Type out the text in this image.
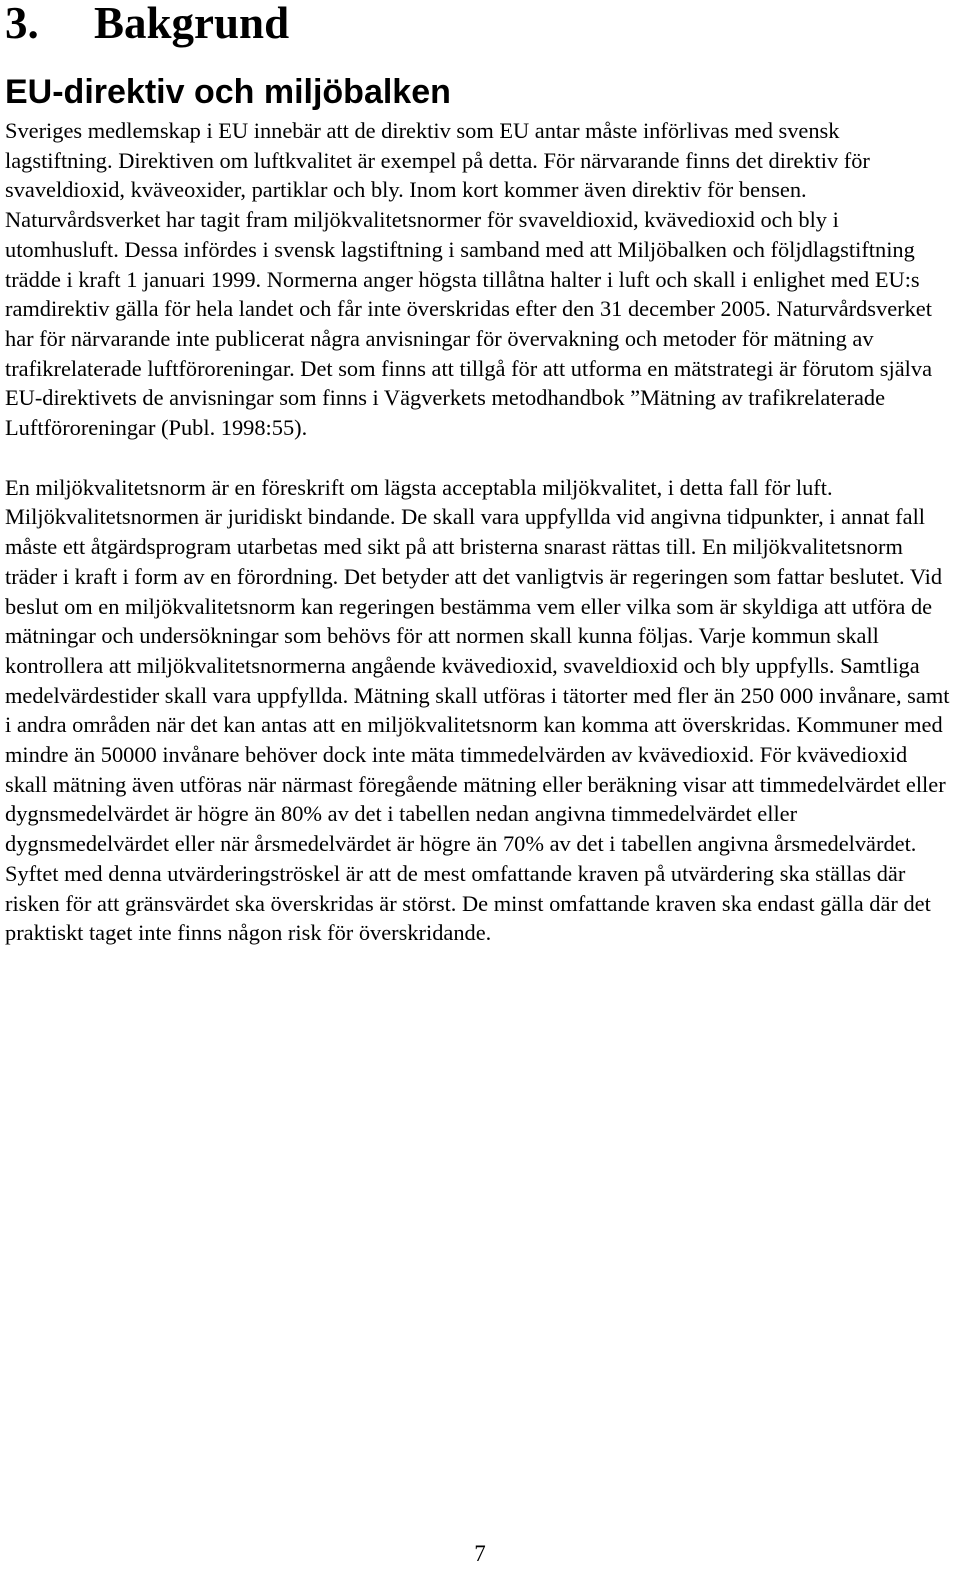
3. Bakgrund
EU-direktiv och miljöbalken

Sveriges medlemskap i EU innebär att de direktiv som EU antar måste införlivas med svensk lagstiftning. Direktiven om luftkvalitet är exempel på detta. För närvarande finns det direktiv för svaveldioxid, kväveoxider, partiklar och bly. Inom kort kommer även direktiv för bensen. Naturvårdsverket har tagit fram miljökvalitetsnormer för svaveldioxid, kvävedioxid och bly i utomhusluft. Dessa infördes i svensk lagstiftning i samband med att Miljöbalken och följdlagstiftning trädde i kraft 1 januari 1999. Normerna anger högsta tillåtna halter i luft och skall i enlighet med EU:s ramdirektiv gälla för hela landet och får inte överskridas efter den 31 december 2005. Naturvårdsverket har för närvarande inte publicerat några anvisningar för övervakning och metoder för mätning av trafikrelaterade luftföroreningar. Det som finns att tillgå för att utforma en mätstrategi är förutom själva EU-direktivets de anvisningar som finns i Vägverkets metodhandbok ”Mätning av trafikrelaterade Luftföroreningar (Publ. 1998:55).

En miljökvalitetsnorm är en föreskrift om lägsta acceptabla miljökvalitet, i detta fall för luft. Miljökvalitetsnormen är juridiskt bindande. De skall vara uppfyllda vid angivna tidpunkter, i annat fall måste ett åtgärdsprogram utarbetas med sikt på att bristerna snarast rättas till. En miljökvalitetsnorm träder i kraft i form av en förordning. Det betyder att det vanligtvis är regeringen som fattar beslutet. Vid beslut om en miljökvalitetsnorm kan regeringen bestämma vem eller vilka som är skyldiga att utföra de mätningar och undersökningar som behövs för att normen skall kunna följas. Varje kommun skall kontrollera att miljökvalitetsnormerna angående kvävedioxid, svaveldioxid och bly uppfylls. Samtliga medelvärdestider skall vara uppfyllda. Mätning skall utföras i tätorter med fler än 250 000 invånare, samt i andra områden när det kan antas att en miljökvalitetsnorm kan komma att överskridas. Kommuner med mindre än 50000 invånare behöver dock inte mäta timmedelvärden av kvävedioxid. För kvävedioxid skall mätning även utföras när närmast föregående mätning eller beräkning visar att timmedelvärdet eller dygnsmedelvärdet är högre än 80% av det i tabellen nedan angivna timmedelvärdet eller dygnsmedelvärdet eller när årsmedelvärdet är högre än 70% av det i tabellen angivna årsmedelvärdet. Syftet med denna utvärderingströskel är att de mest omfattande kraven på utvärdering ska ställas där risken för att gränsvärdet ska överskridas är störst. De minst omfattande kraven ska endast gälla där det praktiskt taget inte finns någon risk för överskridande.

7
